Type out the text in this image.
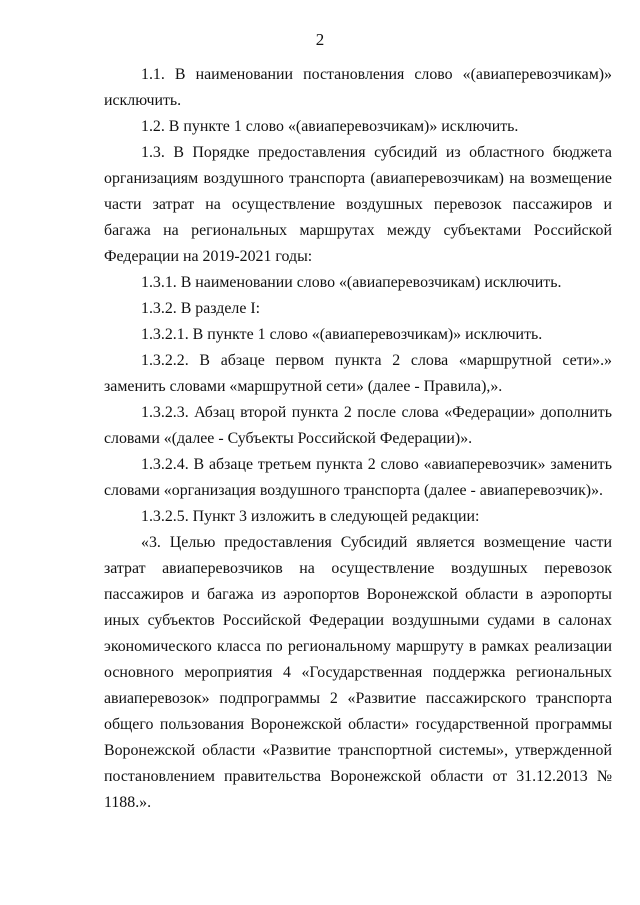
2

1.1. В наименовании постановления слово «(авиаперевозчикам)» исключить.

1.2. В пункте 1 слово «(авиаперевозчикам)» исключить.

1.3. В Порядке предоставления субсидий из областного бюджета организациям воздушного транспорта (авиаперевозчикам) на возмещение части затрат на осуществление воздушных перевозок пассажиров и багажа на региональных маршрутах между субъектами Российской Федерации на 2019-2021 годы:

1.3.1. В наименовании слово «(авиаперевозчикам) исключить.

1.3.2. В разделе I:

1.3.2.1. В пункте 1 слово «(авиаперевозчикам)» исключить.

1.3.2.2. В абзаце первом пункта 2 слова «маршрутной сети».» заменить словами «маршрутной сети» (далее - Правила),».

1.3.2.3. Абзац второй пункта 2 после слова «Федерации» дополнить словами «(далее - Субъекты Российской Федерации)».

1.3.2.4. В абзаце третьем пункта 2 слово «авиаперевозчик» заменить словами «организация воздушного транспорта (далее - авиаперевозчик)».

1.3.2.5. Пункт 3 изложить в следующей редакции:

«3. Целью предоставления Субсидий является возмещение части затрат авиаперевозчиков на осуществление воздушных перевозок пассажиров и багажа из аэропортов Воронежской области в аэропорты иных субъектов Российской Федерации воздушными судами в салонах экономического класса по региональному маршруту в рамках реализации основного мероприятия 4 «Государственная поддержка региональных авиаперевозок» подпрограммы 2 «Развитие пассажирского транспорта общего пользования Воронежской области» государственной программы Воронежской области «Развитие транспортной системы», утвержденной постановлением правительства Воронежской области от 31.12.2013 № 1188.».
